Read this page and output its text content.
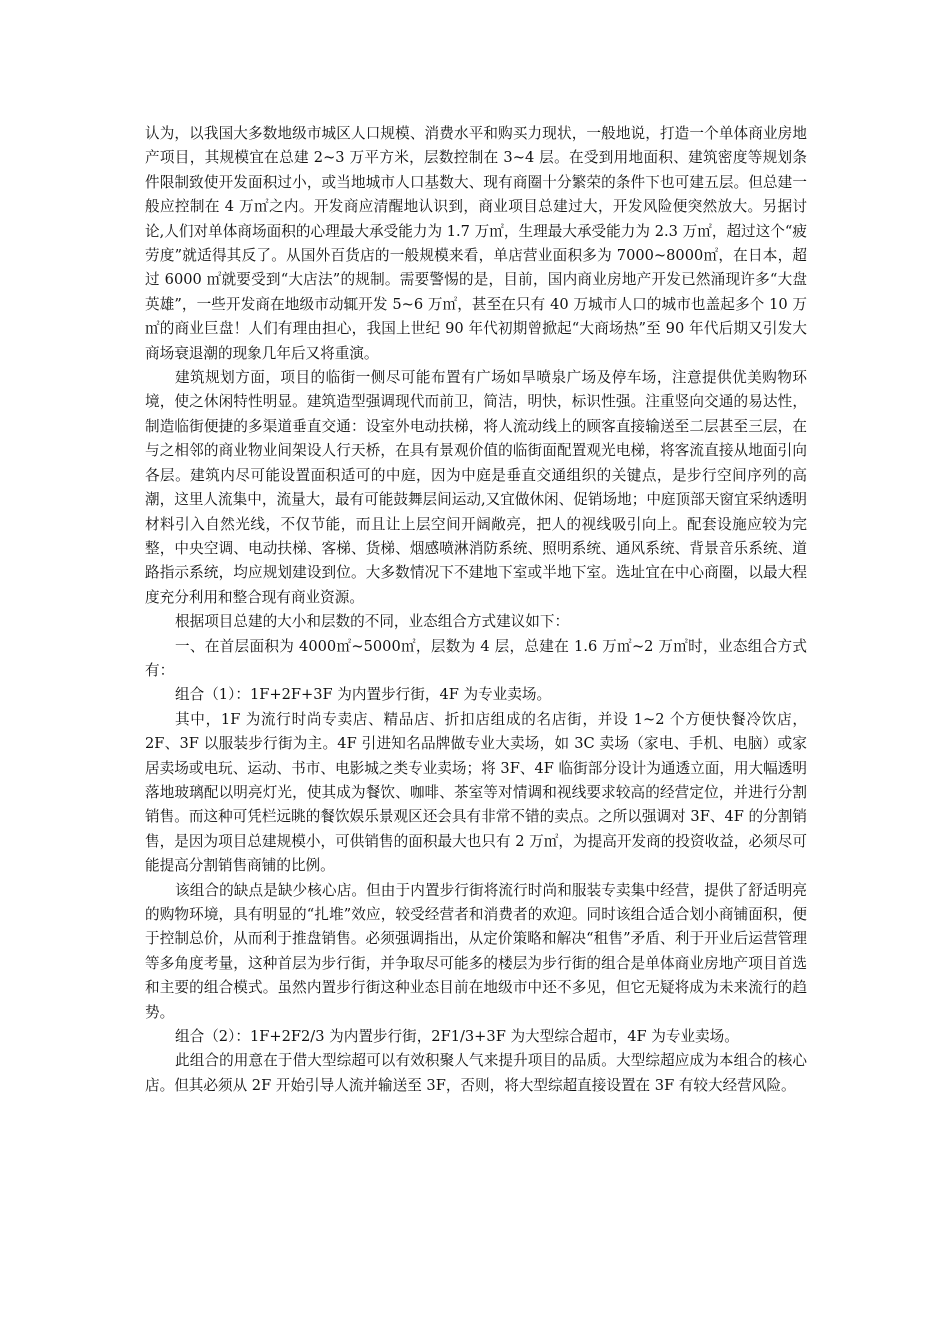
认为，以我国大多数地级市城区人口规模、消费水平和购买力现状，一般地说，打造一个单体商业房地产项目，其规模宜在总建 2~3 万平方米，层数控制在 3~4 层。在受到用地面积、建筑密度等规划条件限制致使开发面积过小，或当地城市人口基数大、现有商圈十分繁荣的条件下也可建五层。但总建一般应控制在 4 万㎡之内。开发商应清醒地认识到，商业项目总建过大，开发风险便突然放大。另据讨论,人们对单体商场面积的心理最大承受能力为 1.7 万㎡，生理最大承受能力为 2.3 万㎡，超过这个“疲劳度”就适得其反了。从国外百货店的一般规模来看，单店营业面积多为 7000~8000㎡，在日本，超过 6000 ㎡就要受到“大店法”的规制。需要警惕的是，目前，国内商业房地产开发已然涌现许多“大盘英雄”，一些开发商在地级市动辄开发 5~6 万㎡，甚至在只有 40 万城市人口的城市也盖起多个 10 万㎡的商业巨盘！人们有理由担心，我国上世纪 90 年代初期曾掀起“大商场热”至 90 年代后期又引发大商场衰退潮的现象几年后又将重演。

建筑规划方面，项目的临街一侧尽可能布置有广场如旱喷泉广场及停车场，注意提供优美购物环境，使之休闲特性明显。建筑造型强调现代而前卫，简洁，明快，标识性强。注重竖向交通的易达性，制造临街便捷的多渠道垂直交通：设室外电动扶梯，将人流动线上的顾客直接输送至二层甚至三层，在与之相邻的商业物业间架设人行天桥，在具有景观价值的临街面配置观光电梯，将客流直接从地面引向各层。建筑内尽可能设置面积适可的中庭，因为中庭是垂直交通组织的关键点，是步行空间序列的高潮，这里人流集中，流量大，最有可能鼓舞层间运动,又宜做休闲、促销场地；中庭顶部天窗宜采纳透明材料引入自然光线，不仅节能，而且让上层空间开阔敞亮，把人的视线吸引向上。配套设施应较为完整，中央空调、电动扶梯、客梯、货梯、烟感喷淋消防系统、照明系统、通风系统、背景音乐系统、道路指示系统，均应规划建设到位。大多数情况下不建地下室或半地下室。选址宜在中心商圈，以最大程度充分利用和整合现有商业资源。

根据项目总建的大小和层数的不同，业态组合方式建议如下：

一、在首层面积为 4000㎡~5000㎡，层数为 4 层，总建在 1.6 万㎡~2 万㎡时，业态组合方式有：

组合（1）：1F+2F+3F 为内置步行街，4F 为专业卖场。

其中，1F 为流行时尚专卖店、精品店、折扣店组成的名店街，并设 1~2 个方便快餐冷饮店，2F、3F 以服装步行街为主。4F 引进知名品牌做专业大卖场，如 3C 卖场（家电、手机、电脑）或家居卖场或电玩、运动、书市、电影城之类专业卖场；将 3F、4F 临街部分设计为通透立面，用大幅透明落地玻璃配以明亮灯光，使其成为餐饮、咖啡、茶室等对情调和视线要求较高的经营定位，并进行分割销售。而这种可凭栏远眺的餐饮娱乐景观区还会具有非常不错的卖点。之所以强调对 3F、4F 的分割销售，是因为项目总建规模小，可供销售的面积最大也只有 2 万㎡，为提高开发商的投资收益，必须尽可能提高分割销售商铺的比例。

该组合的缺点是缺少核心店。但由于内置步行街将流行时尚和服装专卖集中经营，提供了舒适明亮的购物环境，具有明显的“扎堆”效应，较受经营者和消费者的欢迎。同时该组合适合划小商铺面积，便于控制总价，从而利于推盘销售。必须强调指出，从定价策略和解决“租售”矛盾、利于开业后运营管理等多角度考量，这种首层为步行街，并争取尽可能多的楼层为步行街的组合是单体商业房地产项目首选和主要的组合模式。虽然内置步行街这种业态目前在地级市中还不多见，但它无疑将成为未来流行的趋势。

组合（2）：1F+2F2/3 为内置步行街，2F1/3+3F 为大型综合超市，4F 为专业卖场。

此组合的用意在于借大型综超可以有效积聚人气来提升项目的品质。大型综超应成为本组合的核心店。但其必须从 2F 开始引导人流并输送至 3F，否则，将大型综超直接设置在 3F 有较大经营风险。
